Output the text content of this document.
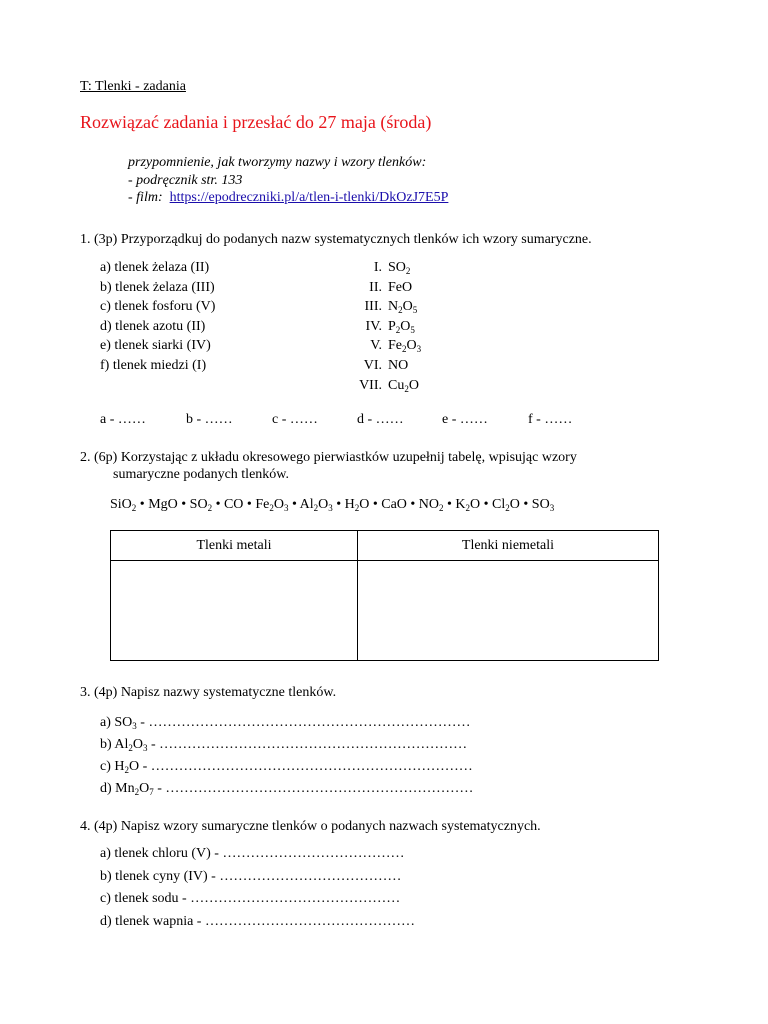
T: Tlenki - zadania
Rozwiązać zadania i przesłać do 27 maja (środa)
przypomnienie, jak tworzymy nazwy i wzory tlenków:
- podręcznik str. 133
- film: https://epodreczniki.pl/a/tlen-i-tlenki/DkOzJ7E5P
1. (3p) Przyporządkuj do podanych nazw systematycznych tlenków ich wzory sumaryczne.
a) tlenek żelaza (II)
b) tlenek żelaza (III)
c) tlenek fosforu (V)
d) tlenek azotu (II)
e) tlenek siarki (IV)
f) tlenek miedzi (I)
I. $SO_2$
II. FeO
III. $N_2O_5$
IV. $P_2O_5$
V. $Fe_2O_3$
VI. NO
VII. $Cu_2O$
a - ……	b - ……	c - ……	d - ……	e - ……	f - ……
2. (6p) Korzystając z układu okresowego pierwiastków uzupełnij tabelę, wpisując wzory
sumaryczne podanych tlenków.
SiO$_2$ • MgO • $SO_2$ • CO • $Fe_2O_3$ • $Al_2O_3$ • $H_2O$ • CaO • $NO_2$ • $K_2O$ • $Cl_2O$ • $SO_3$
Tlenki metali	Tlenki niemetali

3. (4p) Napisz nazwy systematyczne tlenków.
a) $SO_3$ - ……………………………………………………………
b) $Al_2O_3$ - …………………………………………………………
c) $H_2O$ - ……………………………………………………………
d) $Mn_2O_7$ - …………………………………………………………
4. (4p) Napisz wzory sumaryczne tlenków o podanych nazwach systematycznych.
a) tlenek chloru (V) - …………………………………
b) tlenek cyny (IV) - …………………………………
c) tlenek sodu - ………………………………………
d) tlenek wapnia - ………………………………………
